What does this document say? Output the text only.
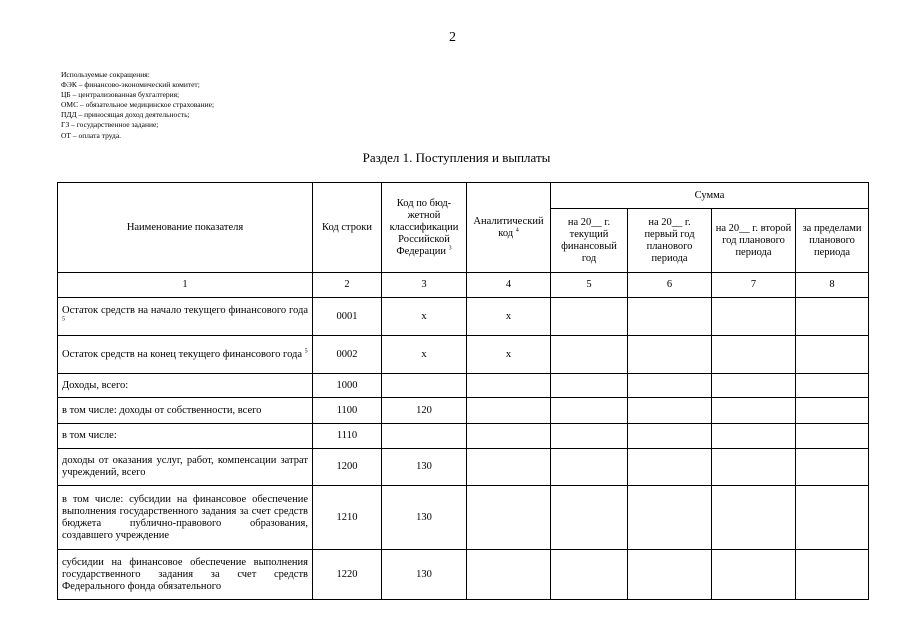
2
Используемые сокращения:
ФЭК – финансово-экономический комитет;
ЦБ – централизованная бухгалтерия;
ОМС – обязательное медицинское страхование;
ПДД – приносящая доход деятельность;
ГЗ – государственное задание;
ОТ – оплата труда.
Раздел 1. Поступления и выплаты
Наименование показателя	Код строки	Код по бюд-жетной классификации Российской Федерации $^3$	Аналитический код $^4$	Сумма			
				на 20__ г. текущий финансовый год	на 20__ г. первый год планового периода	на 20__ г. второй год планового периода	за пределами планового периода
1	2	3	4	5	6	7	8
Остаток средств на начало текущего финансового года $^5$	0001	х	х				
Остаток средств на конец текущего финансового года $^5$	0002	х	х				
Доходы, всего:	1000						
в том числе: доходы от собственности, всего	1100	120					
в том числе:	1110						
доходы от оказания услуг, работ, компенсации затрат учреждений, всего	1200	130					
в том числе: субсидии на финансовое обеспечение выполнения государственного задания за счет средств бюджета публично-правового образования, создавшего учреждение	1210	130					
субсидии на финансовое обеспечение выполнения государственного задания за счет средств Федерального фонда обязательного	1220	130					
